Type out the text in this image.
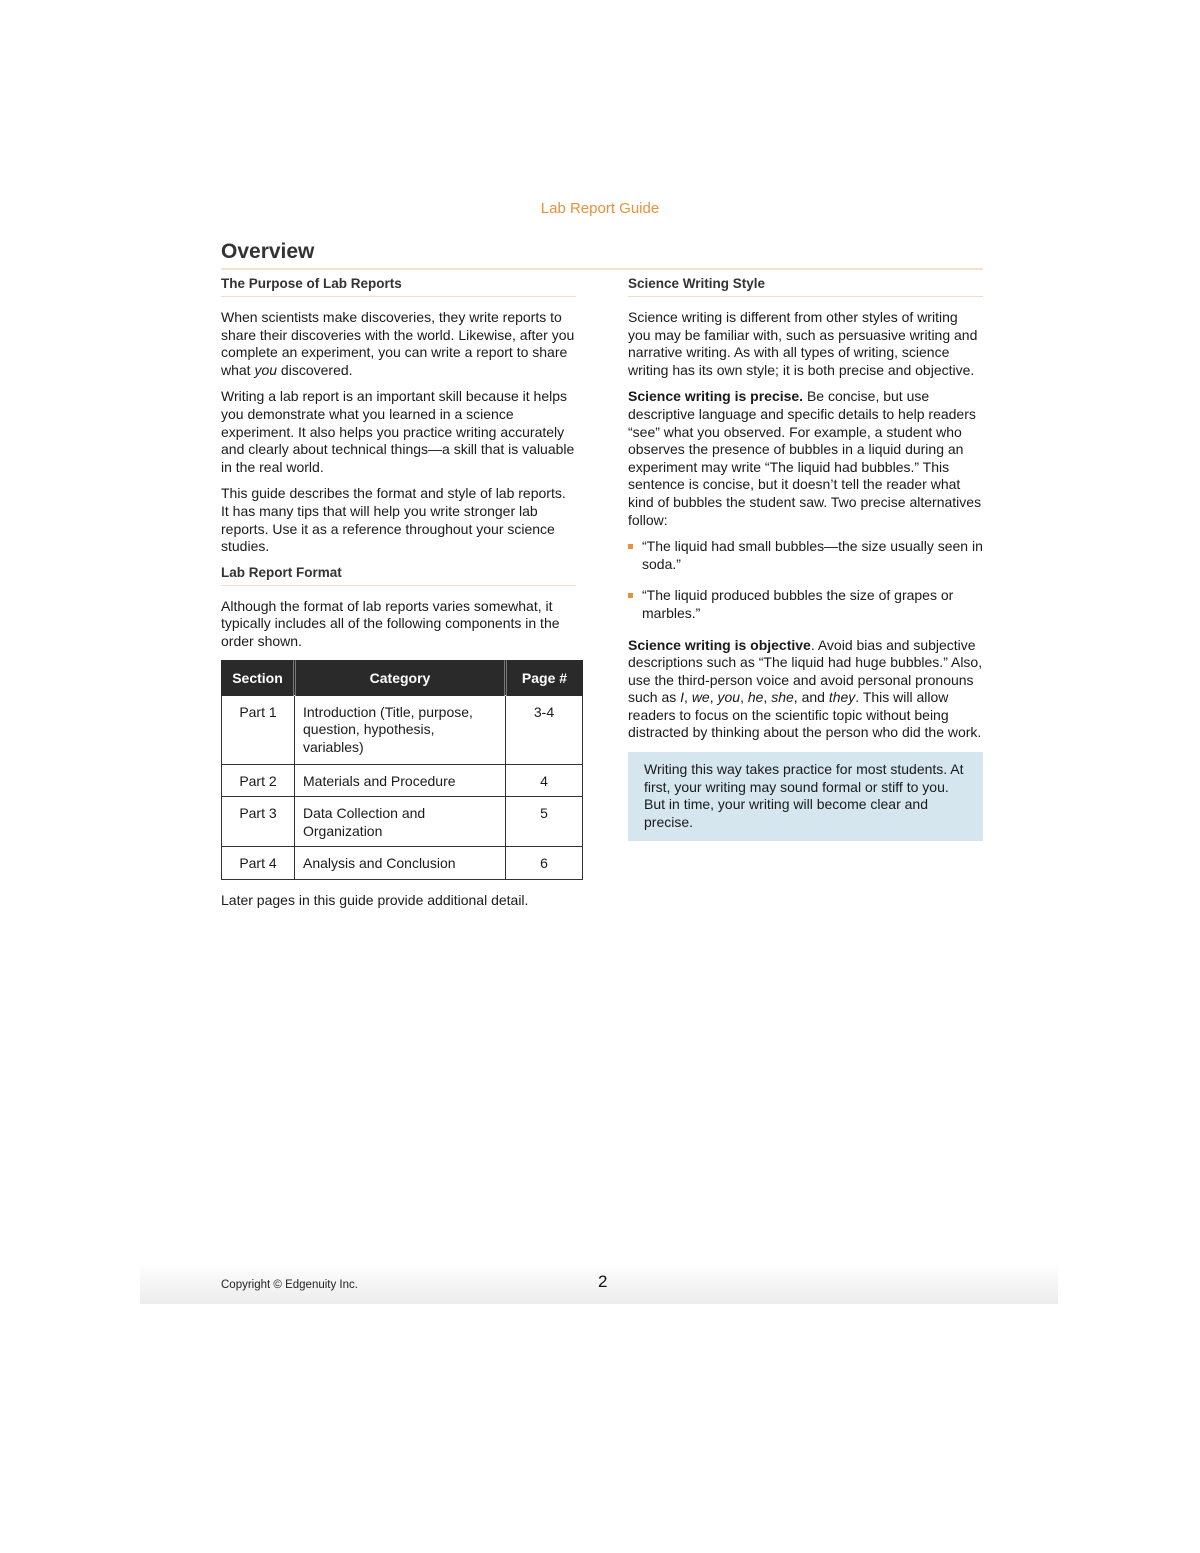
Lab Report Guide
Overview
The Purpose of Lab Reports

When scientists make discoveries, they write reports to share their discoveries with the world. Likewise, after you complete an experiment, you can write a report to share what you discovered.

Writing a lab report is an important skill because it helps you demonstrate what you learned in a science experiment. It also helps you practice writing accurately and clearly about technical things—a skill that is valuable in the real world.

This guide describes the format and style of lab reports. It has many tips that will help you write stronger lab reports. Use it as a reference throughout your science studies.

Lab Report Format

Although the format of lab reports varies somewhat, it typically includes all of the following components in the order shown.

Section	Category	Page #
Part 1	Introduction (Title, purpose, question, hypothesis, variables)	3-4
Part 2	Materials and Procedure	4
Part 3	Data Collection and Organization	5
Part 4	Analysis and Conclusion	6

Later pages in this guide provide additional detail.

Science Writing Style

Science writing is different from other styles of writing you may be familiar with, such as persuasive writing and narrative writing. As with all types of writing, science writing has its own style; it is both precise and objective.

Science writing is precise. Be concise, but use descriptive language and specific details to help readers “see” what you observed. For example, a student who observes the presence of bubbles in a liquid during an experiment may write “The liquid had bubbles.” This sentence is concise, but it doesn’t tell the reader what kind of bubbles the student saw. Two precise alternatives follow:

“The liquid had small bubbles—the size usually seen in soda.”
“The liquid produced bubbles the size of grapes or marbles.”

Science writing is objective. Avoid bias and subjective descriptions such as “The liquid had huge bubbles.” Also, use the third-person voice and avoid personal pronouns such as I, we, you, he, she, and they. This will allow readers to focus on the scientific topic without being distracted by thinking about the person who did the work.

Writing this way takes practice for most students. At first, your writing may sound formal or stiff to you. But in time, your writing will become clear and precise.
Copyright © Edgenuity Inc.	2
